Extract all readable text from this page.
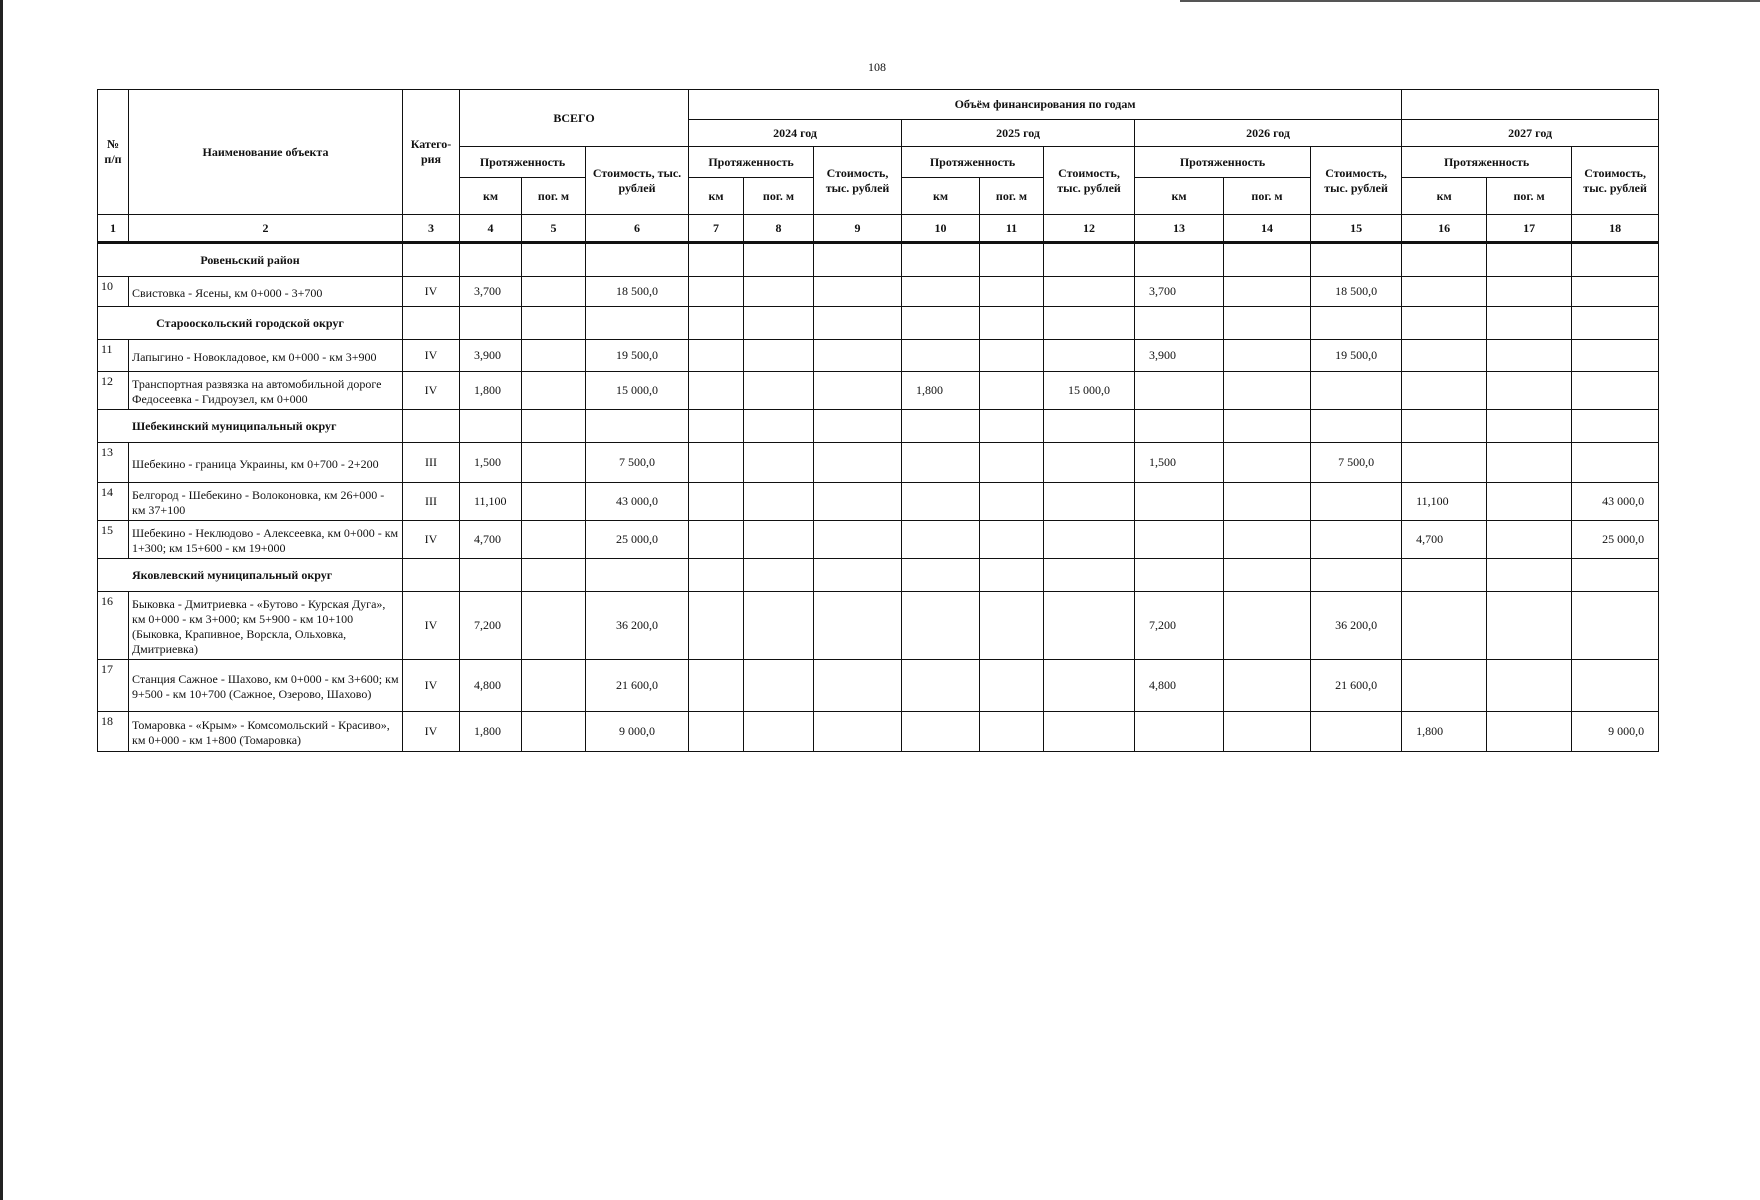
108
№ п/п	Наименование объекта	Катего-рия	ВСЕГО			Объём финансирования по годам											
						2024 год			2025 год			2026 год			2027 год		
			Протяженность		Стоимость, тыс. рублей	Протяженность		Стоимость, тыс. рублей	Протяженность		Стоимость, тыс. рублей	Протяженность		Стоимость, тыс. рублей	Протяженность		Стоимость, тыс. рублей
			км	пог. м		км	пог. м		км	пог. м		км	пог. м		км	пог. м	
1	2	3	4	5	6	7	8	9	10	11	12	13	14	15	16	17	18
Ровеньский район																	
10	Свистовка - Ясены, км 0+000 - 3+700	IV	3,700		18 500,0							3,700		18 500,0			
Старооскольский городской округ																	
11	Лапыгино - Новокладовое, км 0+000 - км 3+900	IV	3,900		19 500,0							3,900		19 500,0			
12	Транспортная развязка на автомобильной дороге Федосеевка - Гидроузел, км 0+000	IV	1,800		15 000,0				1,800		15 000,0						
Шебекинский муниципальный округ																	
13	Шебекино - граница Украины, км 0+700 - 2+200	III	1,500		7 500,0							1,500		7 500,0			
14	Белгород - Шебекино - Волоконовка, км 26+000 - км 37+100	III	11,100		43 000,0										11,100		43 000,0
15	Шебекино - Неклюдово - Алексеевка, км 0+000 - км 1+300; км 15+600 - км 19+000	IV	4,700		25 000,0										4,700		25 000,0
Яковлевский муниципальный округ																	
16	Быковка - Дмитриевка - «Бутово - Курская Дуга», км 0+000 - км 3+000; км 5+900 - км 10+100 (Быковка, Крапивное, Ворскла, Ольховка, Дмитриевка)	IV	7,200		36 200,0							7,200		36 200,0			
17	Станция Сажное - Шахово, км 0+000 - км 3+600; км 9+500 - км 10+700 (Сажное, Озерово, Шахово)	IV	4,800		21 600,0							4,800		21 600,0			
18	Томаровка - «Крым» - Комсомольский - Красиво», км 0+000 - км 1+800 (Томаровка)	IV	1,800		9 000,0										1,800		9 000,0
